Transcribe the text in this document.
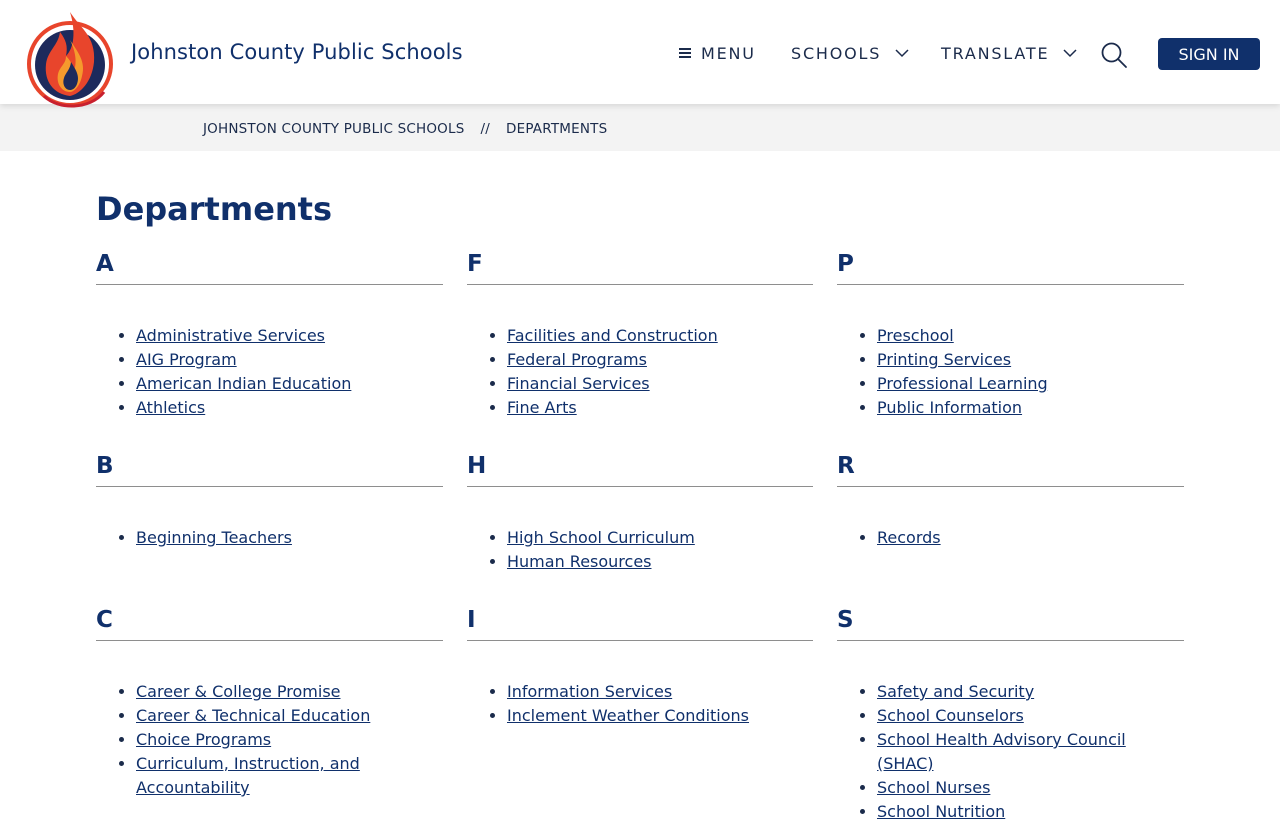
Johnston County Public Schools	MENU SCHOOLS	TRANSLATE	SIGN IN
JOHNSTON COUNTY PUBLIC SCHOOLS // DEPARTMENTS
Departments
A
• Administrative Services
• AIG Program
• American Indian Education
• Athletics
F
• Facilities and Construction
• Federal Programs
• Financial Services
• Fine Arts
P
• Preschool
• Printing Services
• Professional Learning
• Public Information
B
• Beginning Teachers
H
• High School Curriculum
• Human Resources
R
• Records
C
• Career & College Promise
• Career & Technical Education
• Choice Programs
• Curriculum, Instruction, and Accountability
I
• Information Services
• Inclement Weather Conditions
S
• Safety and Security
• School Counselors
• School Health Advisory Council (SHAC)
• School Nurses
• School Nutrition
